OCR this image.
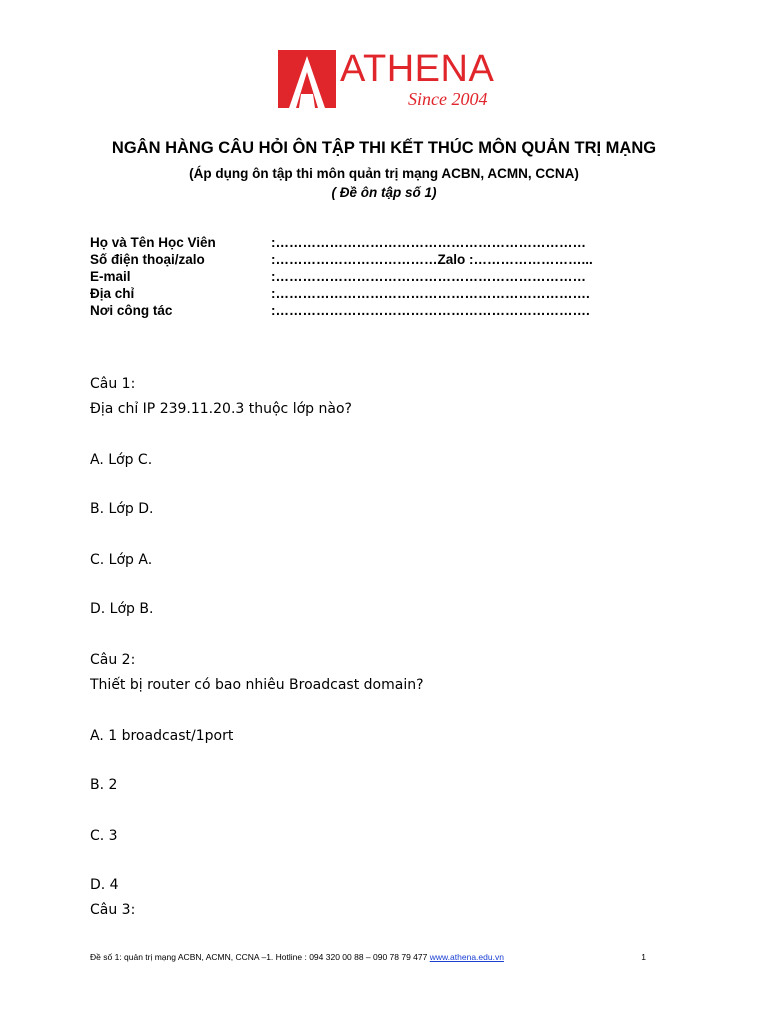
ATHENA
Since 2004
NGÂN HÀNG CÂU HỎI ÔN TẬP THI KẾT THÚC MÔN QUẢN TRỊ MẠNG
(Áp dụng ôn tập thi môn quản trị mạng ACBN, ACMN, CCNA)
( Đề ôn tập số 1)
Họ và Tên Học Viên	:……………………………………………………………
Số điện thoại/zalo	:………………………………Zalo :……………………...
E-mail	:……………………………………………………………
Địa chỉ	:…………………………………………………………….
Nơi công tác	:…………………………………………………………….
Câu 1:
Địa chỉ IP 239.11.20.3 thuộc lớp nào?
A. Lớp C.
B. Lớp D.
C. Lớp A.
D. Lớp B.
Câu 2:
Thiết bị router có bao nhiêu Broadcast domain?
A. 1 broadcast/1port
B. 2
C. 3
D. 4
Câu 3:
Đề số 1: quản trị mạng ACBN, ACMN, CCNA –1. Hotline : 094 320 00 88 – 090 78 79 477 www.athena.edu.vn	1
